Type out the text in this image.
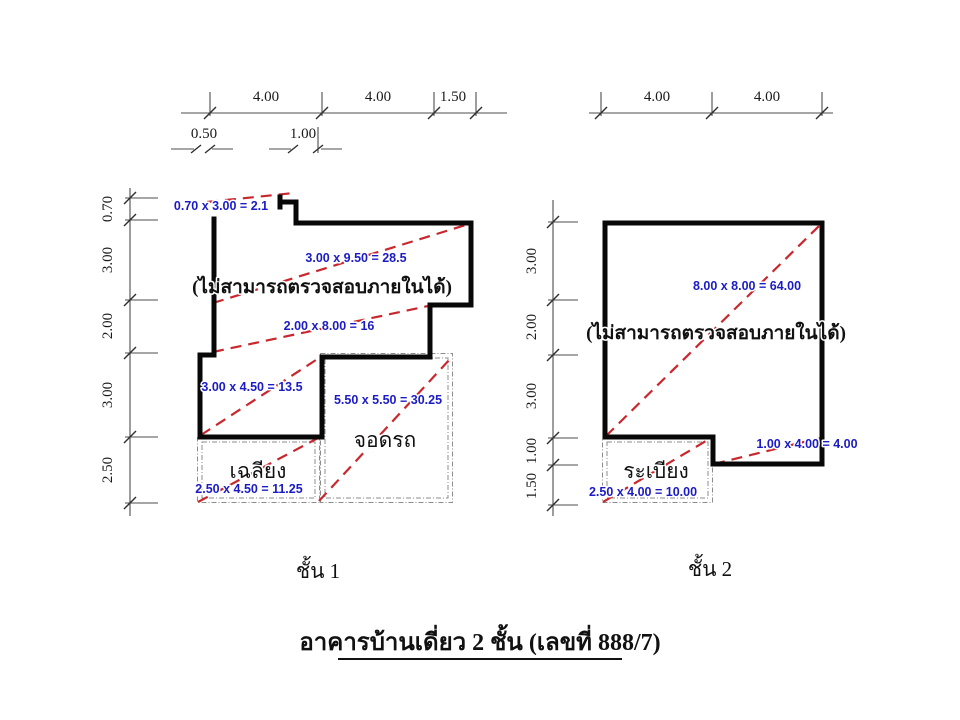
4.00	4.00	1.50
0.50	1.00
4.00	4.00
0.70
3.00
2.00
3.00
2.50
3.00
2.00
3.00
1.00
1.50
0.70 x 3.00 = 2.1
3.00 x 9.50 = 28.5
2.00 x 8.00 = 16
3.00 x 4.50 = 13.5
5.50 x 5.50 = 30.25
2.50 x 4.50 = 11.25
8.00 x 8.00 = 64.00
1.00 x 4.00 = 4.00
2.50 x 4.00 = 10.00
(ไม่สามารถตรวจสอบภายในได้)
(ไม่สามารถตรวจสอบภายในได้)
จอดรถ
เฉลียง	ระเบียง
ชั้น 1	ชั้น 2
อาคารบ้านเดี่ยว 2 ชั้น (เลขที่ 888/7)
